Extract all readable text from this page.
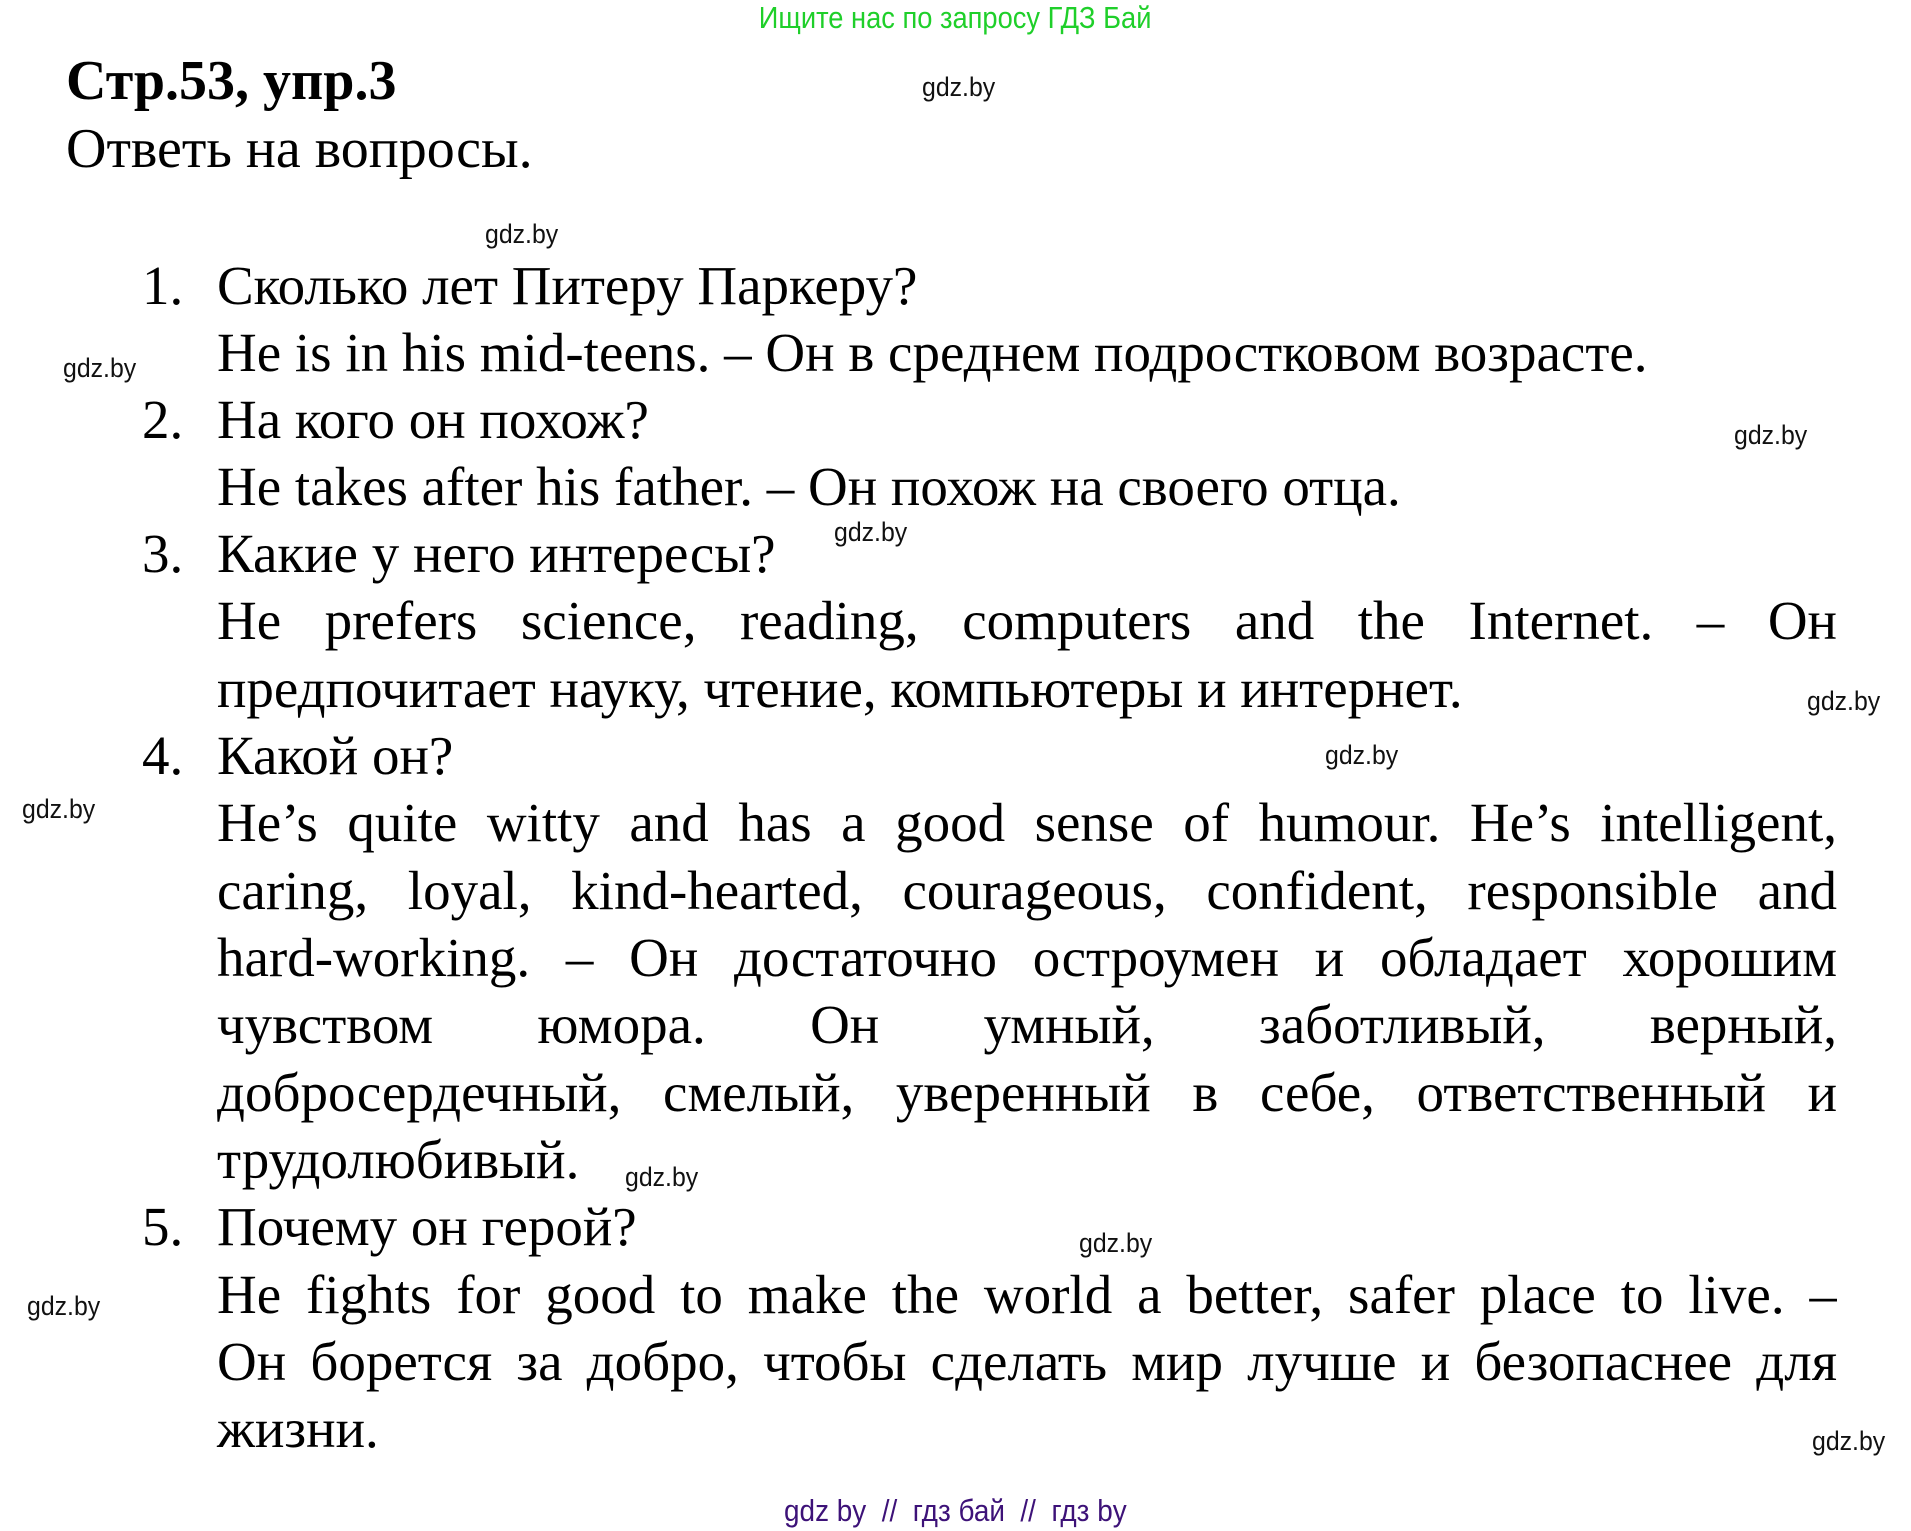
Ищите нас по запросу ГДЗ Бай
Стр.53, упр.3
Ответь на вопросы.
1. Сколько лет Питеру Паркеру?
He is in his mid-teens. – Он в среднем подростковом возрасте.
2. На кого он похож?
He takes after his father. – Он похож на своего отца.
3. Какие у него интересы?
He prefers science, reading, computers and the Internet. – Он
предпочитает науку, чтение, компьютеры и интернет.
4. Какой он?
He’s quite witty and has a good sense of humour. He’s intelligent,
caring, loyal, kind-hearted, courageous, confident, responsible and
hard-working. – Он достаточно остроумен и обладает хорошим
чувством юмора. Он умный, заботливый, верный,
добросердечный, смелый, уверенный в себе, ответственный и
трудолюбивый.
5. Почему он герой?
He fights for good to make the world a better, safer place to live. –
Он борется за добро, чтобы сделать мир лучше и безопаснее для
жизни.
gdz.by
gdz.by
gdz.by
gdz.by
gdz.by
gdz.by
gdz.by
gdz.by
gdz.by
gdz.by
gdz.by
gdz.by
gdz by  //  гдз бай  //  гдз by
